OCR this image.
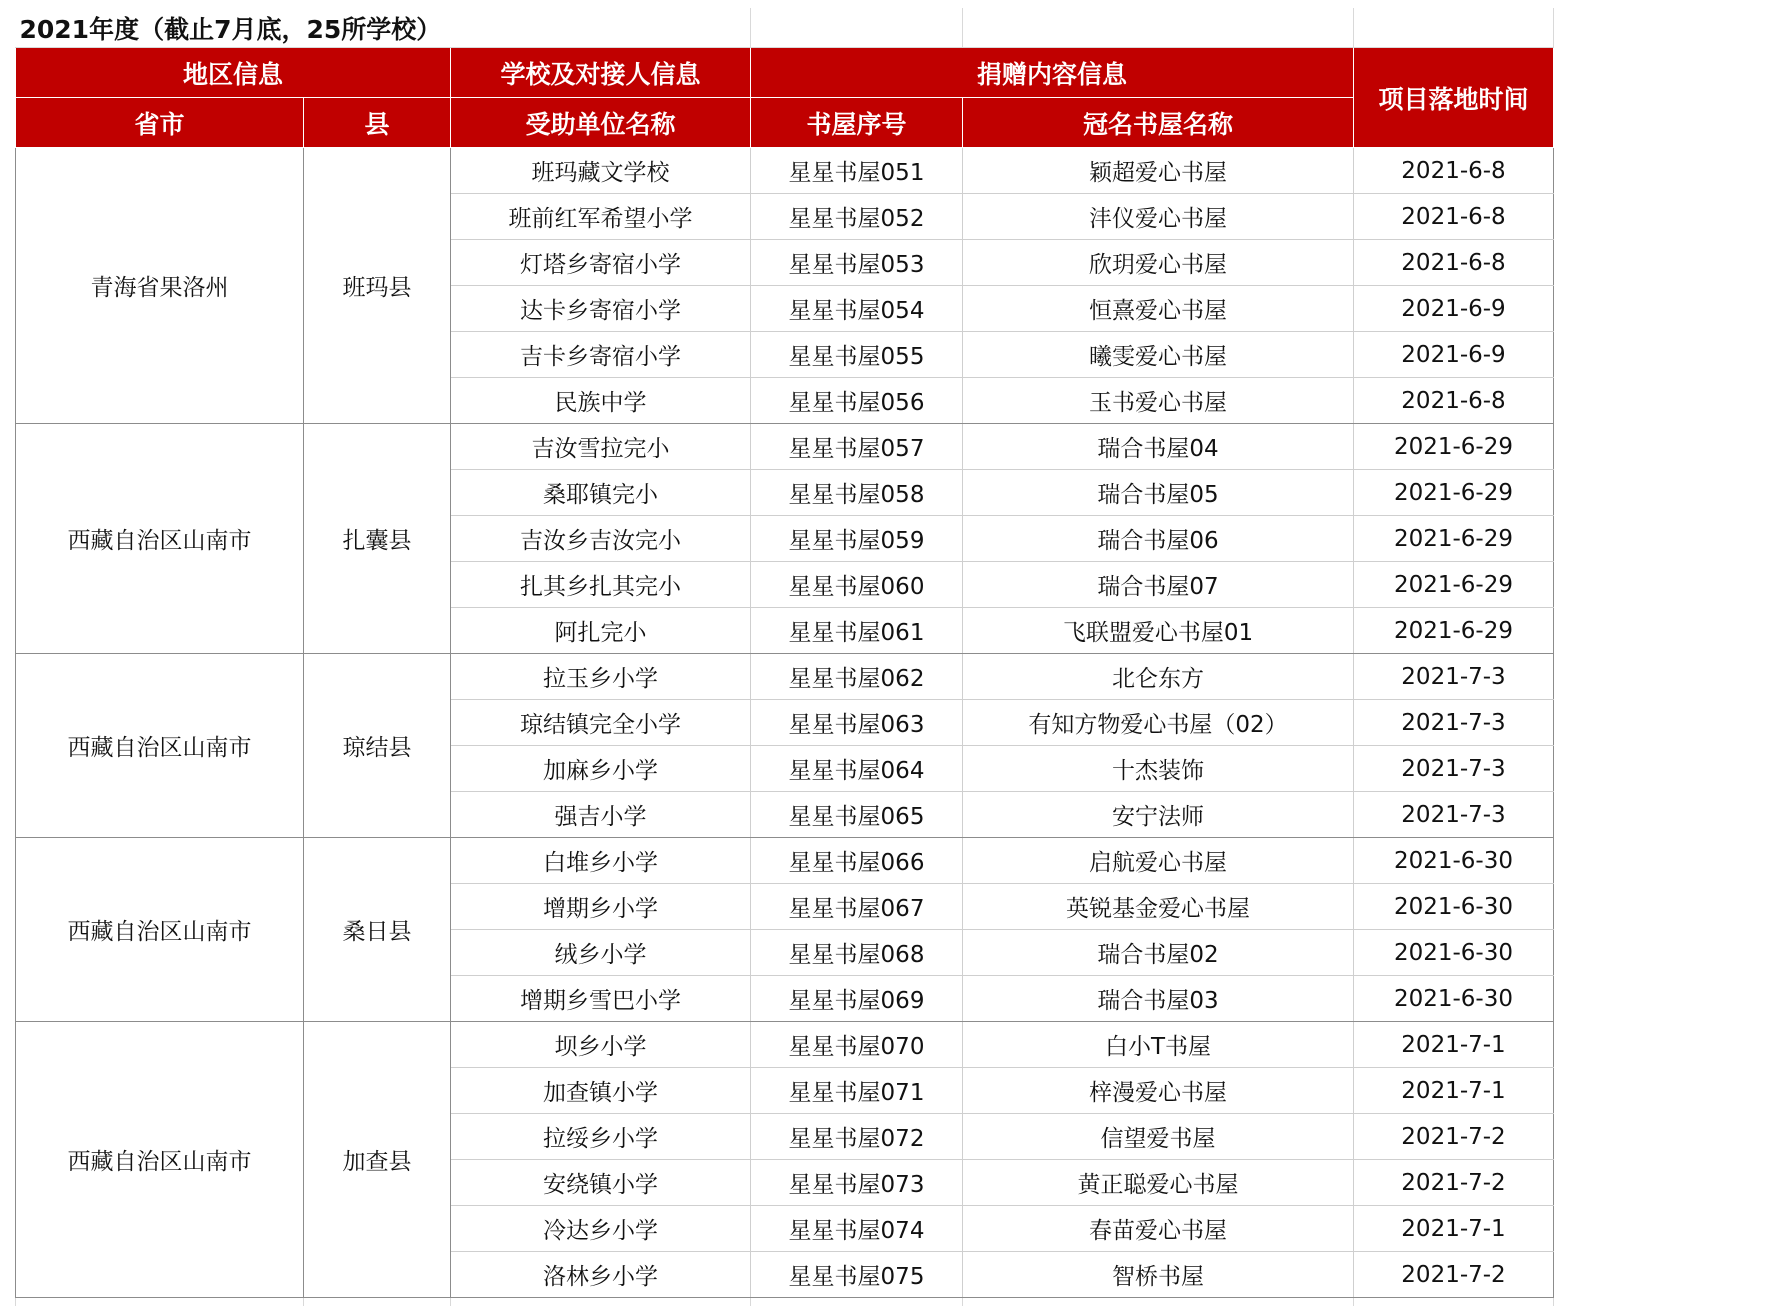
2021年度（截止7月底，25所学校）					
地区信息		学校及对接人信息	捐赠内容信息		项目落地时间
省市	县	受助单位名称	书屋序号	冠名书屋名称	
青海省果洛州	班玛县	班玛藏文学校	星星书屋051	颖超爱心书屋	2021-6-8
		班前红军希望小学	星星书屋052	沣仪爱心书屋	2021-6-8
		灯塔乡寄宿小学	星星书屋053	欣玥爱心书屋	2021-6-8
		达卡乡寄宿小学	星星书屋054	恒熹爱心书屋	2021-6-9
		吉卡乡寄宿小学	星星书屋055	曦雯爱心书屋	2021-6-9
		民族中学	星星书屋056	玉书爱心书屋	2021-6-8
西藏自治区山南市	扎囊县	吉汝雪拉完小	星星书屋057	瑞合书屋04	2021-6-29
		桑耶镇完小	星星书屋058	瑞合书屋05	2021-6-29
		吉汝乡吉汝完小	星星书屋059	瑞合书屋06	2021-6-29
		扎其乡扎其完小	星星书屋060	瑞合书屋07	2021-6-29
		阿扎完小	星星书屋061	飞联盟爱心书屋01	2021-6-29
西藏自治区山南市	琼结县	拉玉乡小学	星星书屋062	北仑东方	2021-7-3
		琼结镇完全小学	星星书屋063	有知方物爱心书屋（02）	2021-7-3
		加麻乡小学	星星书屋064	十杰装饰	2021-7-3
		强吉小学	星星书屋065	安宁法师	2021-7-3
西藏自治区山南市	桑日县	白堆乡小学	星星书屋066	启航爱心书屋	2021-6-30
		增期乡小学	星星书屋067	英锐基金爱心书屋	2021-6-30
		绒乡小学	星星书屋068	瑞合书屋02	2021-6-30
		增期乡雪巴小学	星星书屋069	瑞合书屋03	2021-6-30
西藏自治区山南市	加查县	坝乡小学	星星书屋070	白小T书屋	2021-7-1
		加查镇小学	星星书屋071	梓漫爱心书屋	2021-7-1
		拉绥乡小学	星星书屋072	信望爱书屋	2021-7-2
		安绕镇小学	星星书屋073	黄正聪爱心书屋	2021-7-2
		冷达乡小学	星星书屋074	春苗爱心书屋	2021-7-1
		洛林乡小学	星星书屋075	智桥书屋	2021-7-2
